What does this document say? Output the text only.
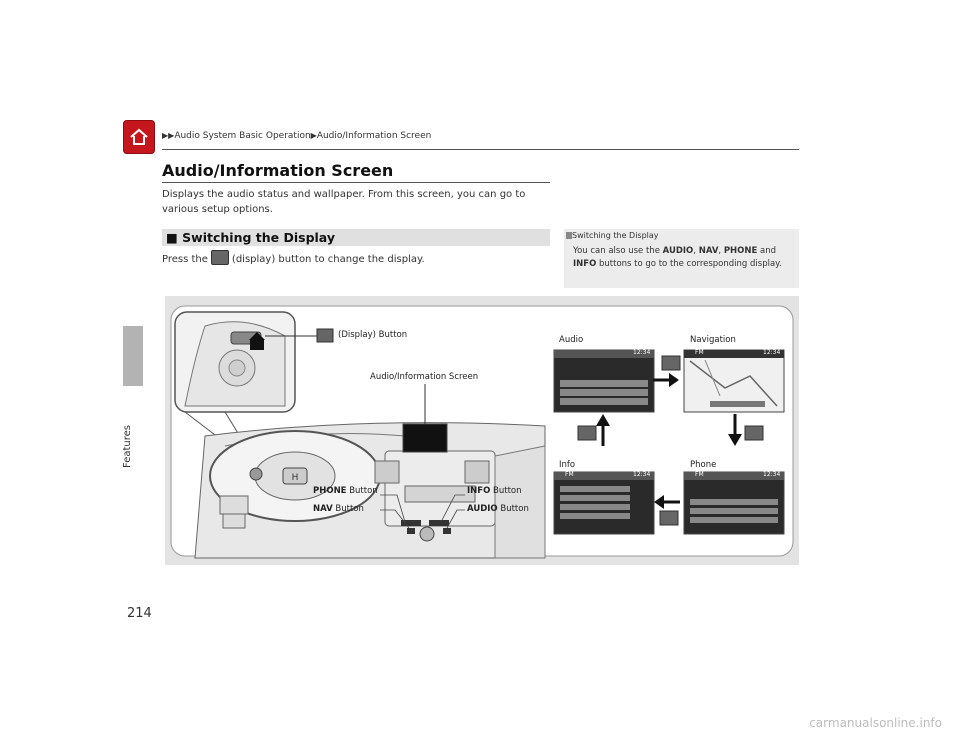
Features
▶▶Audio System Basic Operation▶Audio/Information Screen
Audio/Information Screen
Displays the audio status and wallpaper. From this screen, you can go to various setup options.
■ Switching the Display
Press the (display) button to change the display.
Switching the Display
You can also use the AUDIO, NAV, PHONE and INFO buttons to go to the corresponding display.
H
(Display) Button
Audio/Information Screen
PHONE Button
NAV Button
INFO Button
AUDIO Button
Audio	Navigation
Info	Phone
12:34	12:34
12:34	12:34
FM
FM	FM
214
carmanualsonline.info
